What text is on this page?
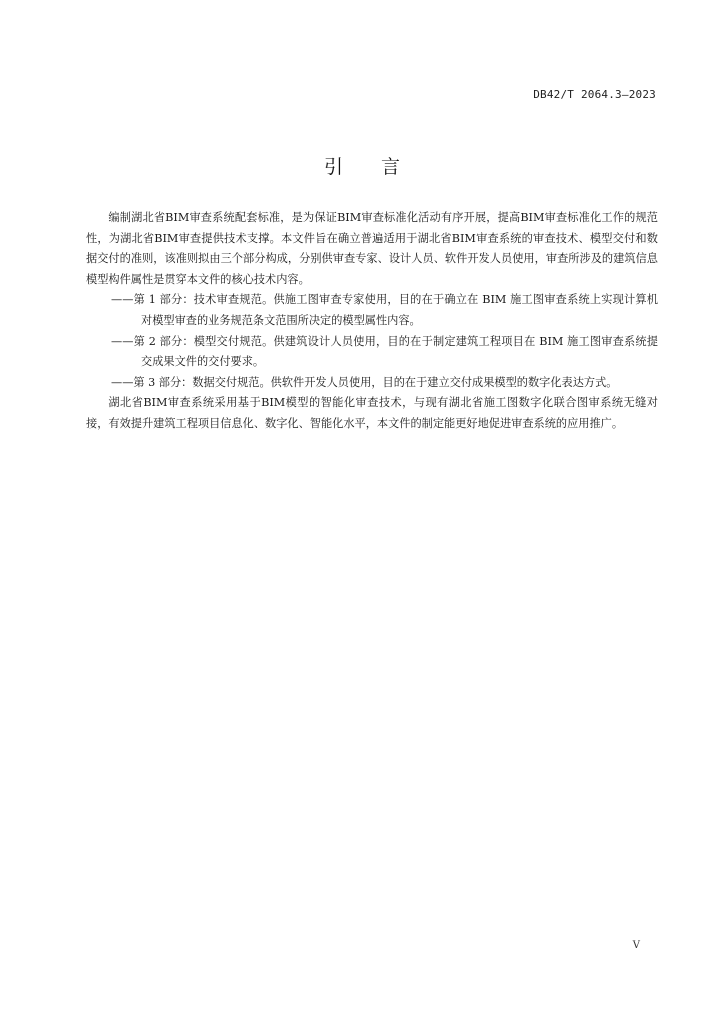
DB42/T 2064.3—2023
引言

编制湖北省BIM审查系统配套标准，是为保证BIM审查标准化活动有序开展，提高BIM审查标准化工作的规范性，为湖北省BIM审查提供技术支撑。本文件旨在确立普遍适用于湖北省BIM审查系统的审查技术、模型交付和数据交付的准则，该准则拟由三个部分构成，分别供审查专家、设计人员、软件开发人员使用，审查所涉及的建筑信息模型构件属性是贯穿本文件的核心技术内容。

——第 1 部分：技术审查规范。供施工图审查专家使用，目的在于确立在 BIM 施工图审查系统上实现计算机对模型审查的业务规范条文范围所决定的模型属性内容。

——第 2 部分：模型交付规范。供建筑设计人员使用，目的在于制定建筑工程项目在 BIM 施工图审查系统提交成果文件的交付要求。

——第 3 部分：数据交付规范。供软件开发人员使用，目的在于建立交付成果模型的数字化表达方式。

湖北省BIM审查系统采用基于BIM模型的智能化审查技术，与现有湖北省施工图数字化联合图审系统无缝对接，有效提升建筑工程项目信息化、数字化、智能化水平，本文件的制定能更好地促进审查系统的应用推广。

V
